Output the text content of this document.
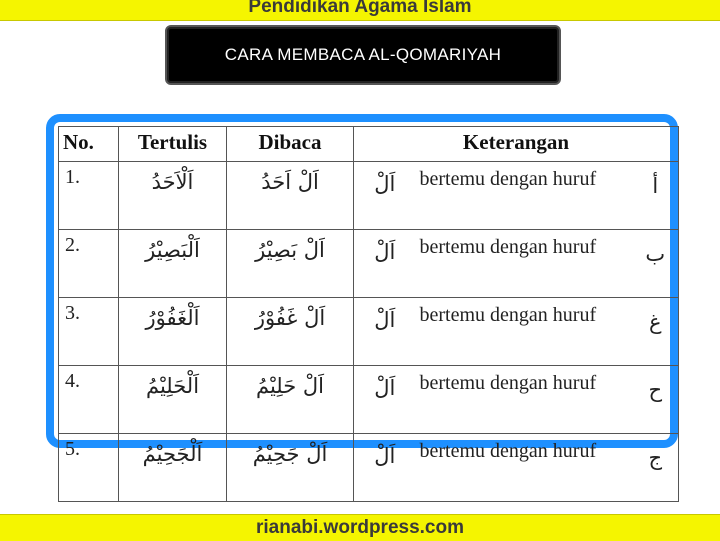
Pendidikan Agama Islam
CARA MEMBACA AL-QOMARIYAH
No.	Tertulis	Dibaca	Keterangan		
1.	اَلْاَحَدُ	اَلْ اَحَدُ	اَلْ	bertemu dengan huruf	أ
2.	اَلْبَصِيْرُ	اَلْ بَصِيْرُ	اَلْ	bertemu dengan huruf	ب
3.	اَلْغَفُوْرُ	اَلْ غَفُوْرُ	اَلْ	bertemu dengan huruf	غ
4.	اَلْحَلِيْمُ	اَلْ حَلِيْمُ	اَلْ	bertemu dengan huruf	ح
5.	اَلْجَحِيْمُ	اَلْ جَحِيْمُ	اَلْ	bertemu dengan huruf	ج
rianabi.wordpress.com
